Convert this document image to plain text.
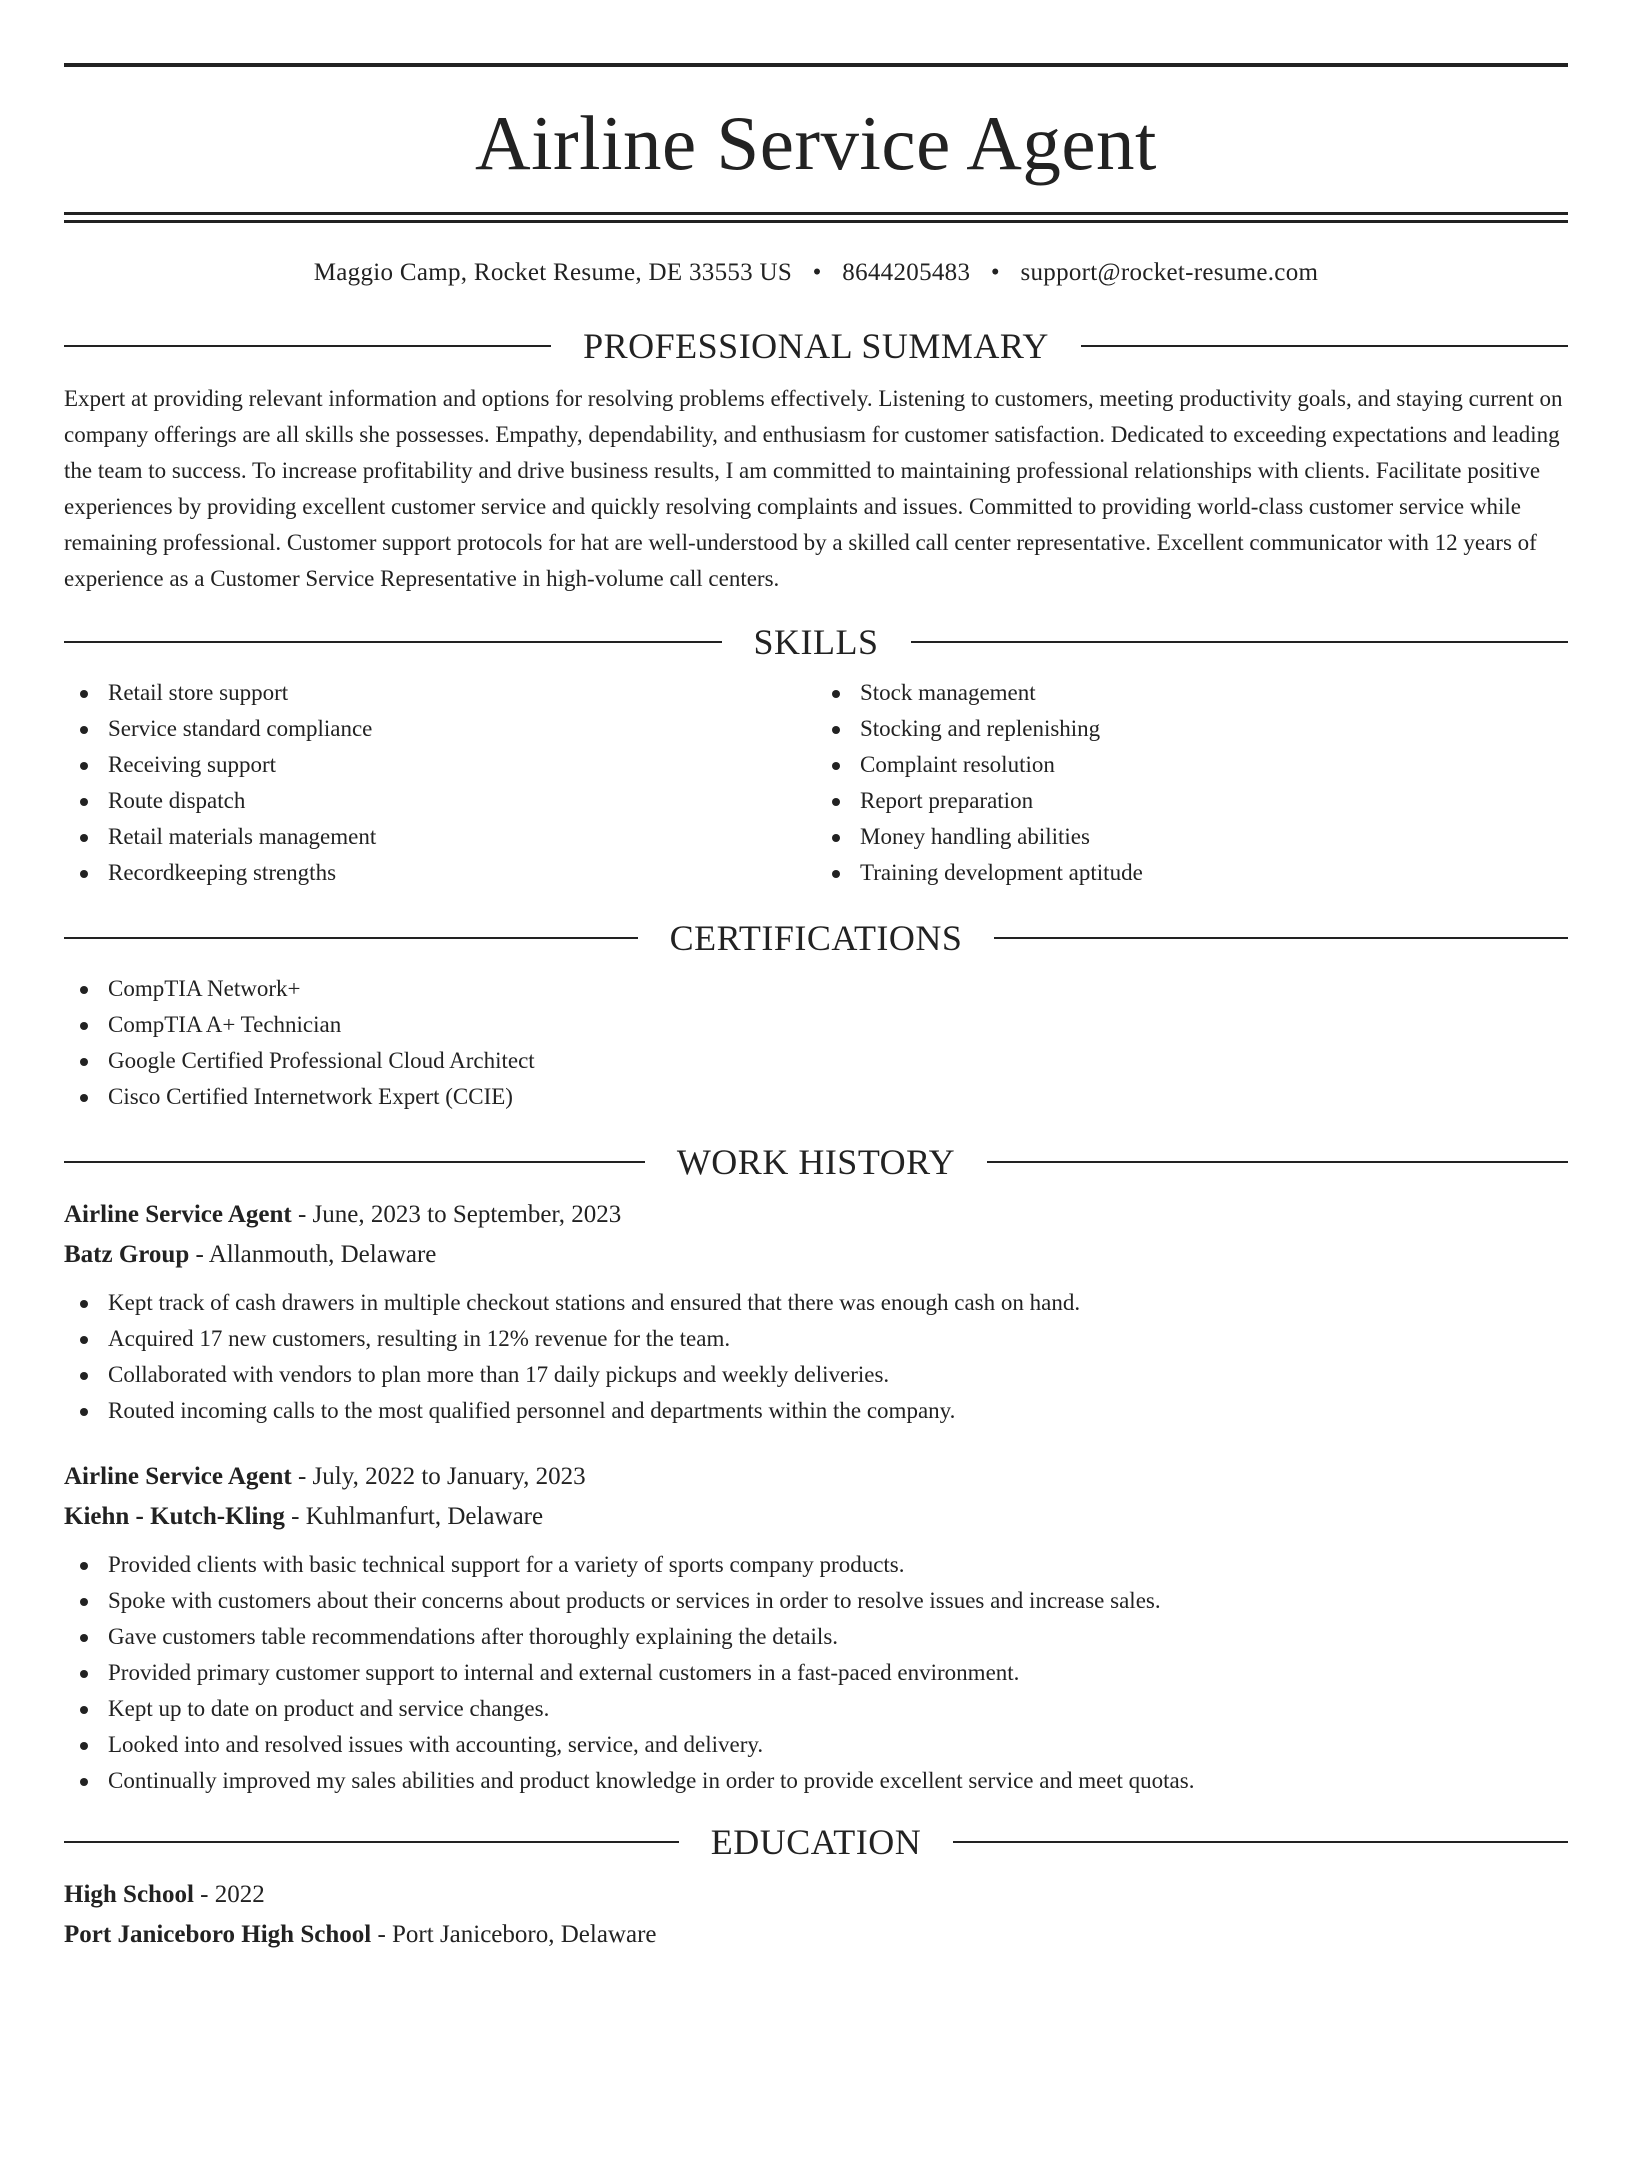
Airline Service Agent
Maggio Camp, Rocket Resume, DE 33553 US • 8644205483 • support@rocket-resume.com
PROFESSIONAL SUMMARY

Expert at providing relevant information and options for resolving problems effectively. Listening to customers, meeting productivity goals, and staying current on company offerings are all skills she possesses. Empathy, dependability, and enthusiasm for customer satisfaction. Dedicated to exceeding expectations and leading the team to success. To increase profitability and drive business results, I am committed to maintaining professional relationships with clients. Facilitate positive experiences by providing excellent customer service and quickly resolving complaints and issues. Committed to providing world-class customer service while remaining professional. Customer support protocols for hat are well-understood by a skilled call center representative. Excellent communicator with 12 years of experience as a Customer Service Representative in high-volume call centers.

SKILLS
Retail store support
Service standard compliance
Receiving support
Route dispatch
Retail materials management
Recordkeeping strengths
Stock management
Stocking and replenishing
Complaint resolution
Report preparation
Money handling abilities
Training development aptitude
CERTIFICATIONS
CompTIA Network+
CompTIA A+ Technician
Google Certified Professional Cloud Architect
Cisco Certified Internetwork Expert (CCIE)
WORK HISTORY
Airline Service Agent - June, 2023 to September, 2023
Batz Group - Allanmouth, Delaware
Kept track of cash drawers in multiple checkout stations and ensured that there was enough cash on hand.
Acquired 17 new customers, resulting in 12% revenue for the team.
Collaborated with vendors to plan more than 17 daily pickups and weekly deliveries.
Routed incoming calls to the most qualified personnel and departments within the company.
Airline Service Agent - July, 2022 to January, 2023
Kiehn - Kutch-Kling - Kuhlmanfurt, Delaware
Provided clients with basic technical support for a variety of sports company products.
Spoke with customers about their concerns about products or services in order to resolve issues and increase sales.
Gave customers table recommendations after thoroughly explaining the details.
Provided primary customer support to internal and external customers in a fast-paced environment.
Kept up to date on product and service changes.
Looked into and resolved issues with accounting, service, and delivery.
Continually improved my sales abilities and product knowledge in order to provide excellent service and meet quotas.
EDUCATION
High School - 2022
Port Janiceboro High School - Port Janiceboro, Delaware
